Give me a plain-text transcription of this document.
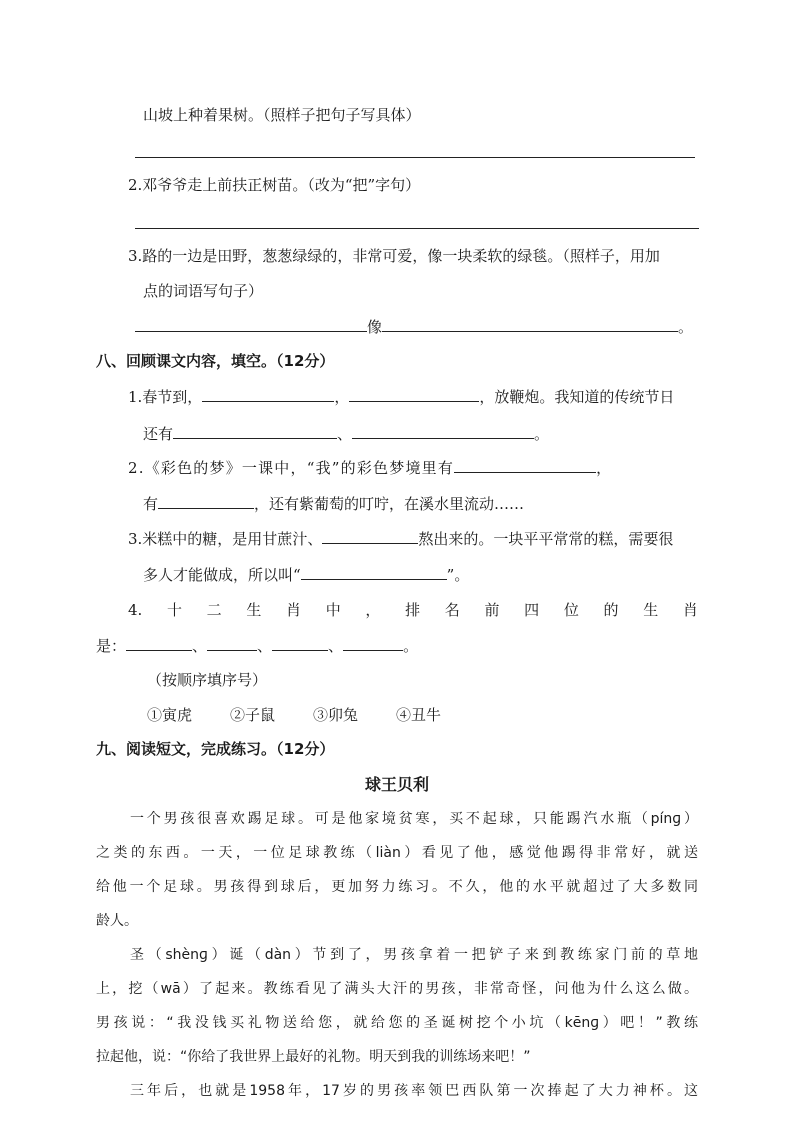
山坡上种着果树。（照样子把句子写具体）
2.邓爷爷走上前扶正树苗。（改为“把”字句）
3.路的一边是田野，葱葱绿绿的，非常可爱，像一块柔软的绿毯。（照样子，用加
点的词语写句子）
像	。
八、回顾课文内容，填空。（12分）
1.春节到，	，	，放鞭炮。我知道的传统节日
还有	、	。
2.《彩色的梦》一课中，“我”的彩色梦境里有	，
有	，还有紫葡萄的叮咛，在溪水里流动……
3.米糕中的糖，是用甘蔗汁、	熬出来的。一块平平常常的糕，需要很
多人才能做成，所以叫“	”。
4. 十 二 生 肖 中 ， 排 名 前 四 位 的 生 肖
是：	、	、	、	。
（按顺序填序号）
①寅虎	②子鼠	③卯兔	④丑牛
九、阅读短文，完成练习。（12分）
球王贝利
一个男孩很喜欢踢足球。可是他家境贫寒，买不起球，只能踢汽水瓶（pínɡ）
之类的东西。一天，一位足球教练（liàn）看见了他，感觉他踢得非常好，就送
给他一个足球。男孩得到球后，更加努力练习。不久，他的水平就超过了大多数同
龄人。
圣（shènɡ）诞（dàn）节到了，男孩拿着一把铲子来到教练家门前的草地
上，挖（wā）了起来。教练看见了满头大汗的男孩，非常奇怪，问他为什么这么做。
男孩说：“我没钱买礼物送给您，就给您的圣诞树挖个小坑（kēnɡ）吧！”教练
拉起他，说：“你给了我世界上最好的礼物。明天到我的训练场来吧！”
三年后，也就是1958年，17岁的男孩率领巴西队第一次捧起了大力神杯。这
